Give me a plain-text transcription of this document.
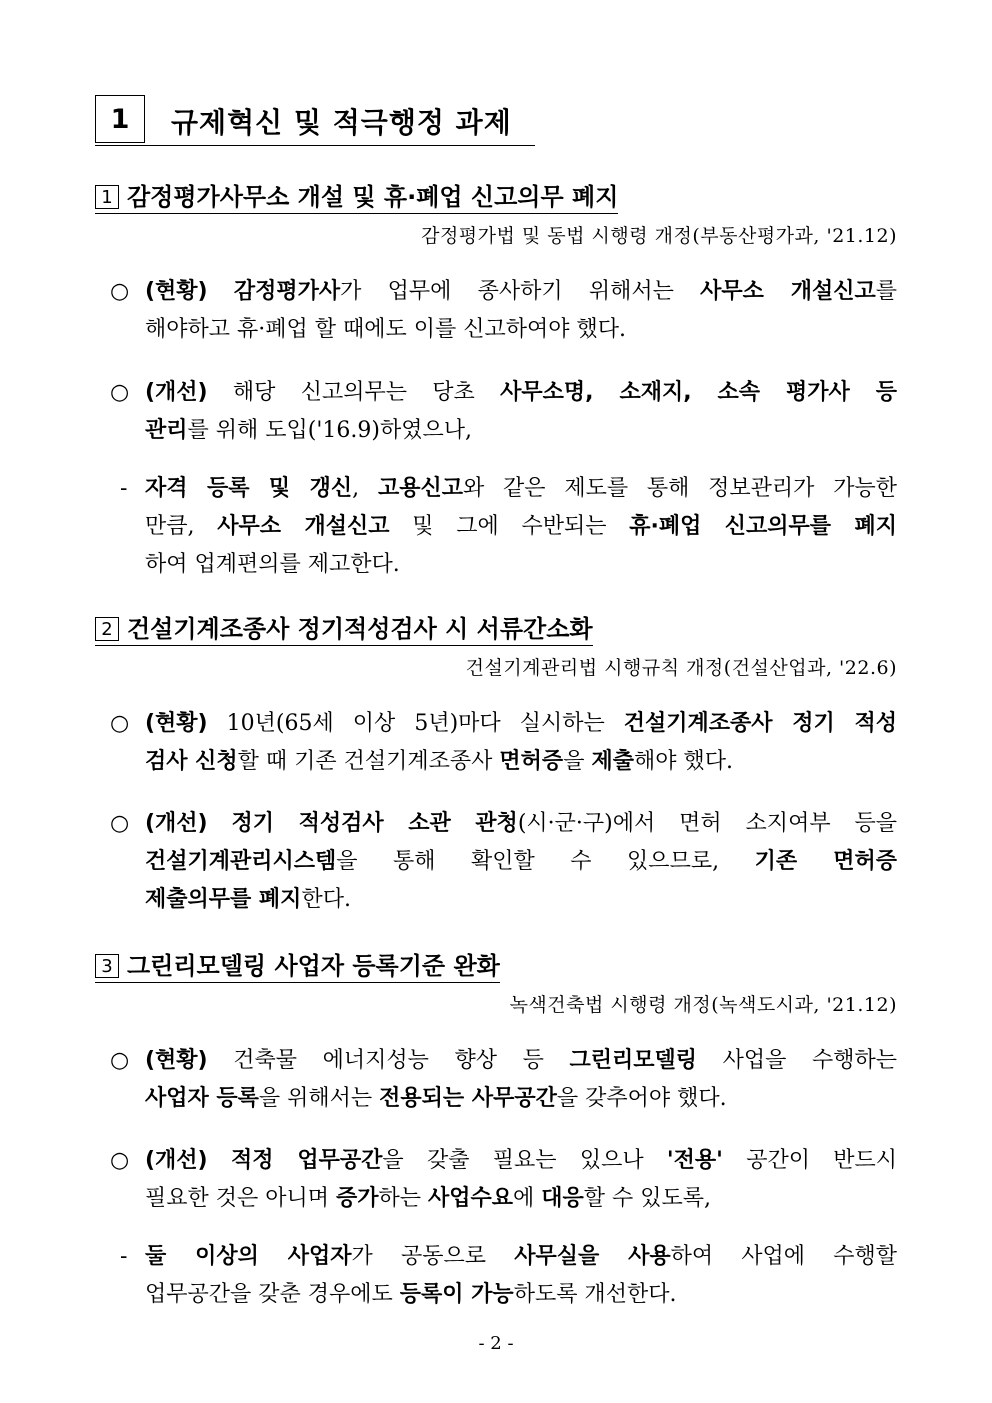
1	규제혁신 및 적극행정 과제
1 감정평가사무소 개설 및 휴·폐업 신고의무 폐지
감정평가법 및 동법 시행령 개정(부동산평가과, '21.12)
○ (현황) 감정평가사가 업무에 종사하기 위해서는 사무소 개설신고를
해야하고 휴·폐업 할 때에도 이를 신고하여야 했다.
○ (개선) 해당 신고의무는 당초 사무소명, 소재지, 소속 평가사 등
관리를 위해 도입('16.9)하였으나,
- 자격 등록 및 갱신, 고용신고와 같은 제도를 통해 정보관리가 가능한
만큼, 사무소 개설신고 및 그에 수반되는 휴·폐업 신고의무를 폐지
하여 업계편의를 제고한다.
2 건설기계조종사 정기적성검사 시 서류간소화
건설기계관리법 시행규칙 개정(건설산업과, '22.6)
○ (현황) 10년(65세 이상 5년)마다 실시하는 건설기계조종사 정기 적성
검사 신청할 때 기존 건설기계조종사 면허증을 제출해야 했다.
○ (개선) 정기 적성검사 소관 관청(시·군·구)에서 면허 소지여부 등을
건설기계관리시스템을 통해 확인할 수 있으므로, 기존 면허증
제출의무를 폐지한다.
3 그린리모델링 사업자 등록기준 완화
녹색건축법 시행령 개정(녹색도시과, '21.12)
○ (현황) 건축물 에너지성능 향상 등 그린리모델링 사업을 수행하는
사업자 등록을 위해서는 전용되는 사무공간을 갖추어야 했다.
○ (개선) 적정 업무공간을 갖출 필요는 있으나 '전용' 공간이 반드시
필요한 것은 아니며 증가하는 사업수요에 대응할 수 있도록,
- 둘 이상의 사업자가 공동으로 사무실을 사용하여 사업에 수행할
업무공간을 갖춘 경우에도 등록이 가능하도록 개선한다.
- 2 -
